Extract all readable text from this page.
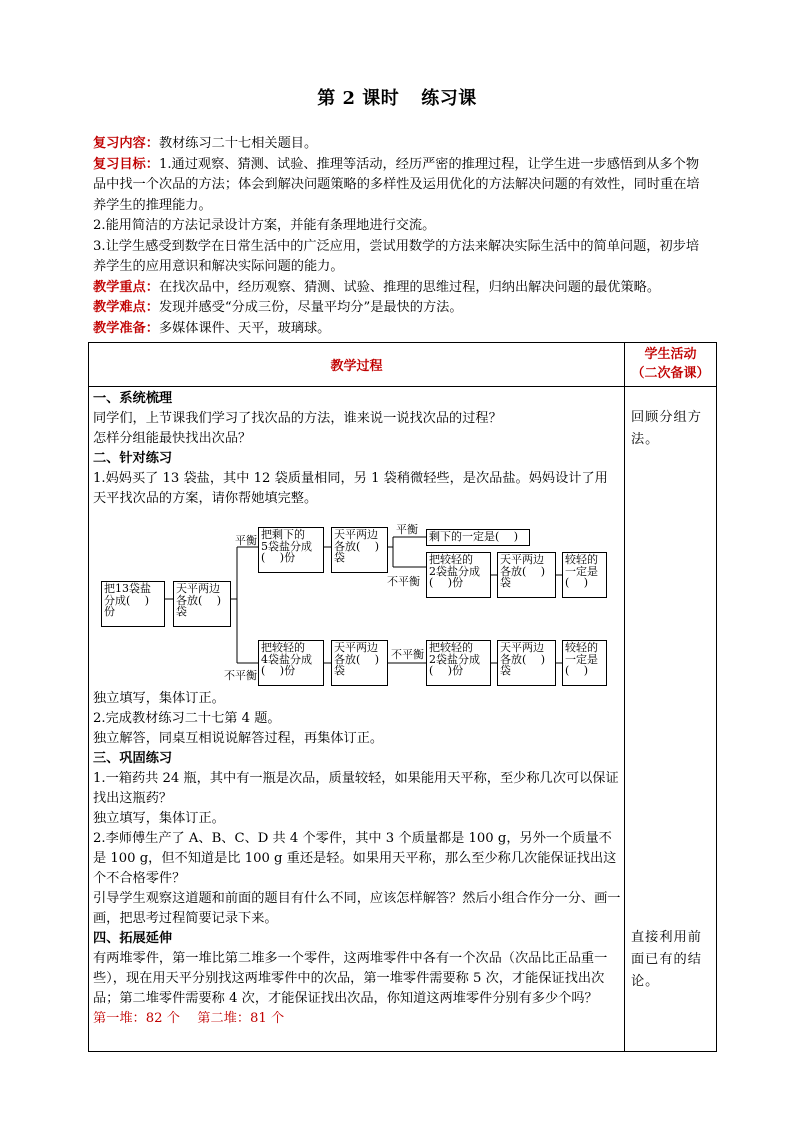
第 2 课时 练习课

复习内容：教材练习二十七相关题目。

复习目标：1.通过观察、猜测、试验、推理等活动，经历严密的推理过程，让学生进一步感悟到从多个物品中找一个次品的方法；体会到解决问题策略的多样性及运用优化的方法解决问题的有效性，同时重在培养学生的推理能力。

2.能用简洁的方法记录设计方案，并能有条理地进行交流。

3.让学生感受到数学在日常生活中的广泛应用，尝试用数学的方法来解决实际生活中的简单问题，初步培养学生的应用意识和解决实际问题的能力。

教学重点：在找次品中，经历观察、猜测、试验、推理的思维过程，归纳出解决问题的最优策略。

教学难点：发现并感受“分成三份，尽量平均分”是最快的方法。

教学准备：多媒体课件、天平，玻璃球。

教学过程
学生活动
（二次备课）

一、系统梳理

同学们，上节课我们学习了找次品的方法，谁来说一说找次品的过程？

怎样分组能最快找出次品？

二、针对练习

1.妈妈买了 13 袋盐，其中 12 袋质量相同，另 1 袋稍微轻些，是次品盐。妈妈设计了用天平找次品的方案，请你帮她填完整。

把13袋盐
分成(　 )
份
天平两边
各放(　 )
袋
平衡
不平衡
把剩下的
5袋盐分成
(　 )份
天平两边
各放(　 )
袋
平衡
剩下的一定是(　 )
不平衡
把较轻的
2袋盐分成
(　 )份
天平两边
各放(　 )
袋
较轻的
一定是
(　 )
把较轻的
4袋盐分成
(　 )份
天平两边
各放(　 )
袋
不平衡
把较轻的
2袋盐分成
(　 )份
天平两边
各放(　 )
袋
较轻的
一定是
(　 )

独立填写，集体订正。

2.完成教材练习二十七第 4 题。

独立解答，同桌互相说说解答过程，再集体订正。

三、巩固练习

1.一箱药共 24 瓶，其中有一瓶是次品，质量较轻，如果能用天平称，至少称几次可以保证找出这瓶药？

独立填写，集体订正。

2.李师傅生产了 A、B、C、D 共 4 个零件，其中 3 个质量都是 100 g，另外一个质量不是 100 g，但不知道是比 100 g 重还是轻。如果用天平称，那么至少称几次能保证找出这个不合格零件？

引导学生观察这道题和前面的题目有什么不同，应该怎样解答？然后小组合作分一分、画一画，把思考过程简要记录下来。

四、拓展延伸

有两堆零件，第一堆比第二堆多一个零件，这两堆零件中各有一个次品（次品比正品重一些），现在用天平分别找这两堆零件中的次品，第一堆零件需要称 5 次，才能保证找出次品；第二堆零件需要称 4 次，才能保证找出次品，你知道这两堆零件分别有多少个吗？

第一堆：82 个　 第二堆：81 个

回顾分组方法。
直接利用前面已有的结论。
